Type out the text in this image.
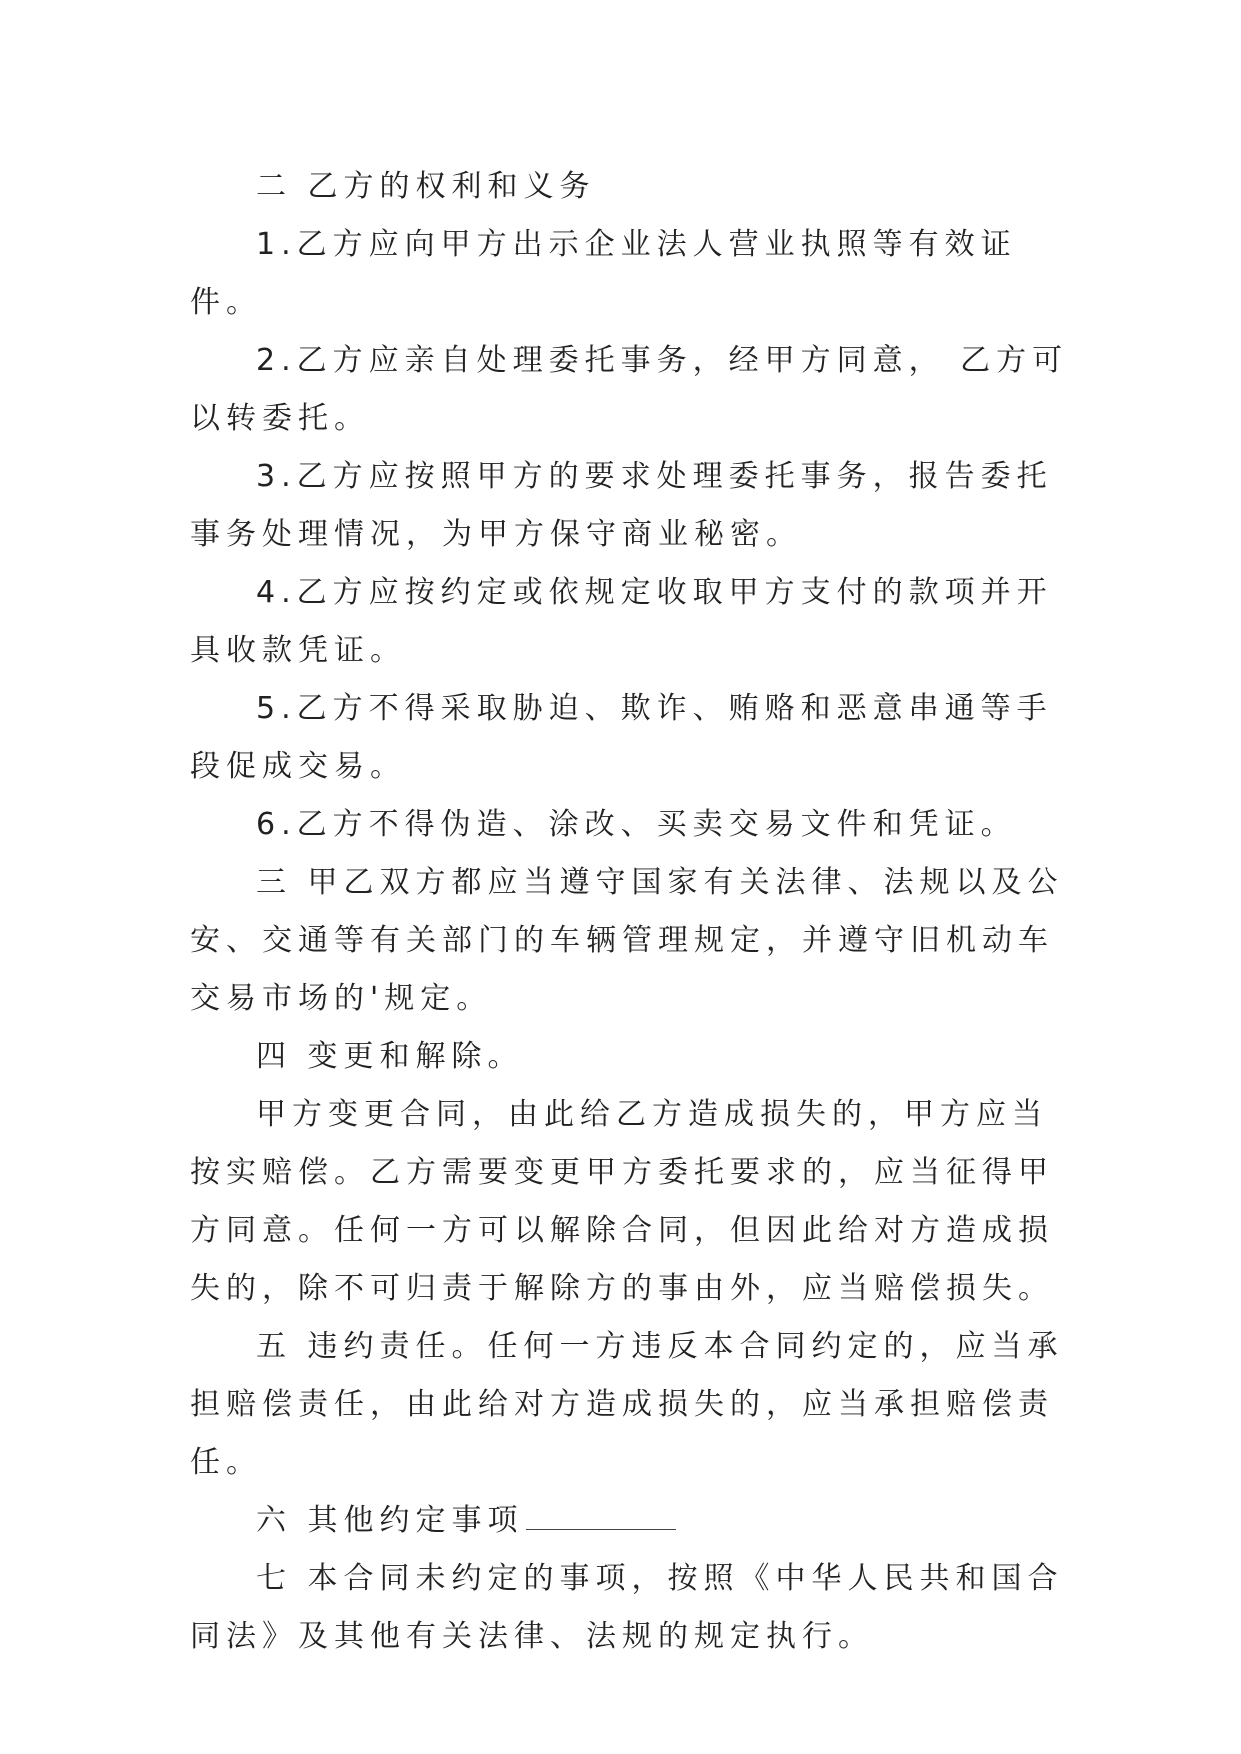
二 乙方的权利和义务

1.乙方应向甲方出示企业法人营业执照等有效证件。

2.乙方应亲自处理委托事务，经甲方同意， 乙方可以转委托。

3.乙方应按照甲方的要求处理委托事务，报告委托事务处理情况，为甲方保守商业秘密。

4.乙方应按约定或依规定收取甲方支付的款项并开具收款凭证。

5.乙方不得采取胁迫、欺诈、贿赂和恶意串通等手段促成交易。

6.乙方不得伪造、涂改、买卖交易文件和凭证。

三 甲乙双方都应当遵守国家有关法律、法规以及公安、交通等有关部门的车辆管理规定，并遵守旧机动车交易市场的'规定。

四 变更和解除。

甲方变更合同，由此给乙方造成损失的，甲方应当按实赔偿。乙方需要变更甲方委托要求的，应当征得甲方同意。任何一方可以解除合同，但因此给对方造成损失的，除不可归责于解除方的事由外，应当赔偿损失。

五 违约责任。任何一方违反本合同约定的，应当承担赔偿责任，由此给对方造成损失的，应当承担赔偿责任。

六 其他约定事项

七 本合同未约定的事项，按照《中华人民共和国合同法》及其他有关法律、法规的规定执行。
